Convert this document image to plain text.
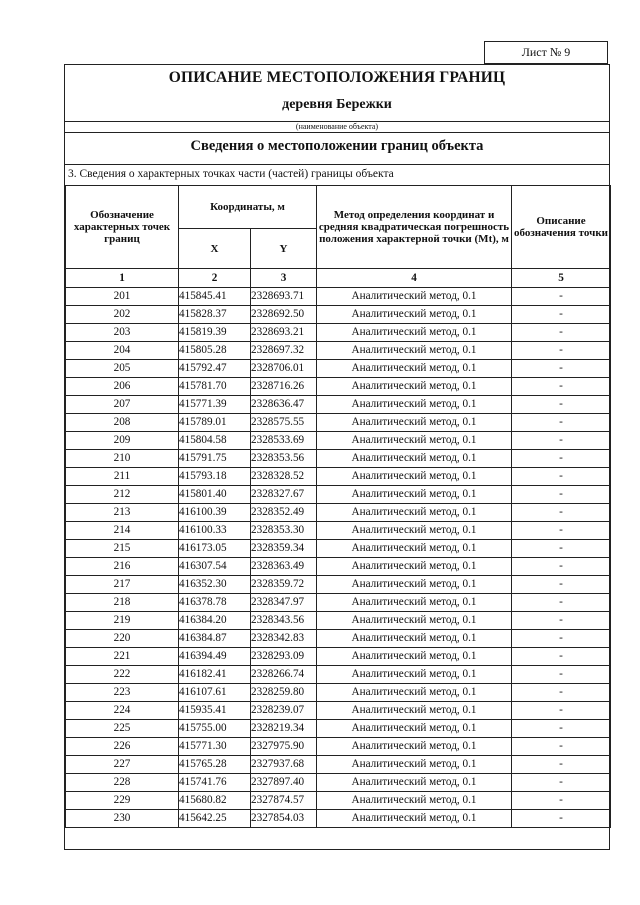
Лист № 9
ОПИСАНИЕ МЕСТОПОЛОЖЕНИЯ ГРАНИЦ
деревня Бережки
(наименование объекта)
Сведения о местоположении границ объекта
3. Сведения о характерных точках части (частей) границы объекта
Обозначение характерных точек границ	Координаты, м		Метод определения координат и средняя квадратическая погрешность положения характерной точки (Mt), м	Описание обозначения точки
	X	Y		
1	2	3	4	5
201	415845.41	2328693.71	Аналитический метод, 0.1	-
202	415828.37	2328692.50	Аналитический метод, 0.1	-
203	415819.39	2328693.21	Аналитический метод, 0.1	-
204	415805.28	2328697.32	Аналитический метод, 0.1	-
205	415792.47	2328706.01	Аналитический метод, 0.1	-
206	415781.70	2328716.26	Аналитический метод, 0.1	-
207	415771.39	2328636.47	Аналитический метод, 0.1	-
208	415789.01	2328575.55	Аналитический метод, 0.1	-
209	415804.58	2328533.69	Аналитический метод, 0.1	-
210	415791.75	2328353.56	Аналитический метод, 0.1	-
211	415793.18	2328328.52	Аналитический метод, 0.1	-
212	415801.40	2328327.67	Аналитический метод, 0.1	-
213	416100.39	2328352.49	Аналитический метод, 0.1	-
214	416100.33	2328353.30	Аналитический метод, 0.1	-
215	416173.05	2328359.34	Аналитический метод, 0.1	-
216	416307.54	2328363.49	Аналитический метод, 0.1	-
217	416352.30	2328359.72	Аналитический метод, 0.1	-
218	416378.78	2328347.97	Аналитический метод, 0.1	-
219	416384.20	2328343.56	Аналитический метод, 0.1	-
220	416384.87	2328342.83	Аналитический метод, 0.1	-
221	416394.49	2328293.09	Аналитический метод, 0.1	-
222	416182.41	2328266.74	Аналитический метод, 0.1	-
223	416107.61	2328259.80	Аналитический метод, 0.1	-
224	415935.41	2328239.07	Аналитический метод, 0.1	-
225	415755.00	2328219.34	Аналитический метод, 0.1	-
226	415771.30	2327975.90	Аналитический метод, 0.1	-
227	415765.28	2327937.68	Аналитический метод, 0.1	-
228	415741.76	2327897.40	Аналитический метод, 0.1	-
229	415680.82	2327874.57	Аналитический метод, 0.1	-
230	415642.25	2327854.03	Аналитический метод, 0.1	-
